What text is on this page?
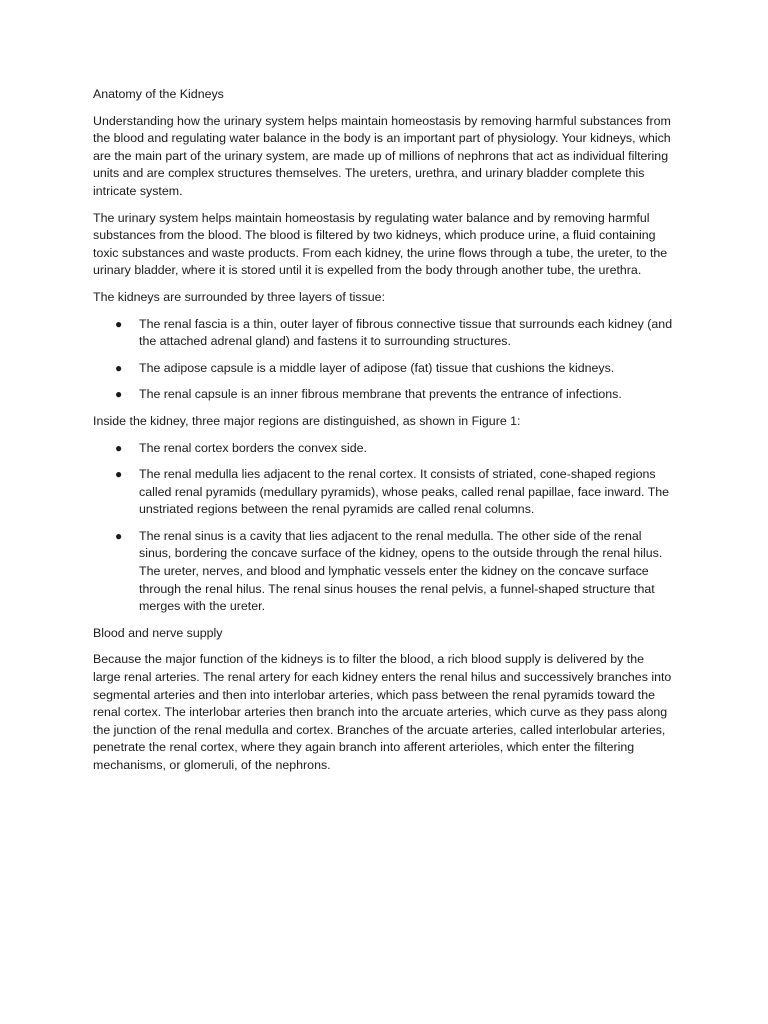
Anatomy of the Kidneys

Understanding how the urinary system helps maintain homeostasis by removing harmful substances from the blood and regulating water balance in the body is an important part of physiology. Your kidneys, which are the main part of the urinary system, are made up of millions of nephrons that act as individual filtering units and are complex structures themselves. The ureters, urethra, and urinary bladder complete this intricate system.

The urinary system helps maintain homeostasis by regulating water balance and by removing harmful substances from the blood. The blood is filtered by two kidneys, which produce urine, a fluid containing toxic substances and waste products. From each kidney, the urine flows through a tube, the ureter, to the urinary bladder, where it is stored until it is expelled from the body through another tube, the urethra.

The kidneys are surrounded by three layers of tissue:

● The renal fascia is a thin, outer layer of fibrous connective tissue that surrounds each kidney (and the attached adrenal gland) and fastens it to surrounding structures.
● The adipose capsule is a middle layer of adipose (fat) tissue that cushions the kidneys.
● The renal capsule is an inner fibrous membrane that prevents the entrance of infections.

Inside the kidney, three major regions are distinguished, as shown in Figure 1:

● The renal cortex borders the convex side.
● The renal medulla lies adjacent to the renal cortex. It consists of striated, cone-shaped regions called renal pyramids (medullary pyramids), whose peaks, called renal papillae, face inward. The unstriated regions between the renal pyramids are called renal columns.
● The renal sinus is a cavity that lies adjacent to the renal medulla. The other side of the renal sinus, bordering the concave surface of the kidney, opens to the outside through the renal hilus. The ureter, nerves, and blood and lymphatic vessels enter the kidney on the concave surface through the renal hilus. The renal sinus houses the renal pelvis, a funnel-shaped structure that merges with the ureter.

Blood and nerve supply

Because the major function of the kidneys is to filter the blood, a rich blood supply is delivered by the large renal arteries. The renal artery for each kidney enters the renal hilus and successively branches into segmental arteries and then into interlobar arteries, which pass between the renal pyramids toward the renal cortex. The interlobar arteries then branch into the arcuate arteries, which curve as they pass along the junction of the renal medulla and cortex. Branches of the arcuate arteries, called interlobular arteries, penetrate the renal cortex, where they again branch into afferent arterioles, which enter the filtering mechanisms, or glomeruli, of the nephrons.
